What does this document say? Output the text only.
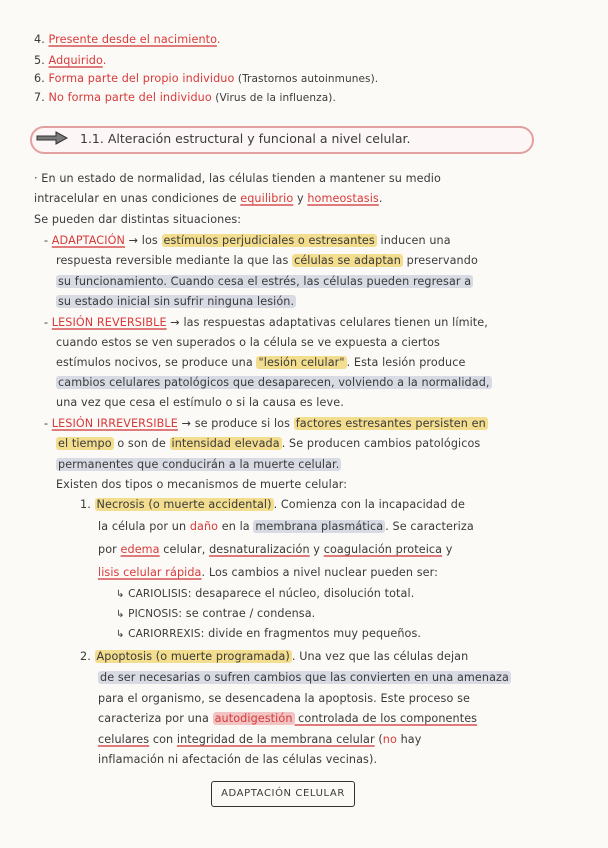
4. Presente desde el nacimiento.
5. Adquirido.
6. Forma parte del propio individuo (Trastornos autoinmunes).
7. No forma parte del individuo (Virus de la influenza).
1.1. Alteración estructural y funcional a nivel celular.
· En un estado de normalidad, las células tienden a mantener su medio
intracelular en unas condiciones de equilibrio y homeostasis.
Se pueden dar distintas situaciones:
- ADAPTACIÓN → los estímulos perjudiciales o estresantes inducen una
respuesta reversible mediante la que las células se adaptan preservando
su funcionamiento. Cuando cesa el estrés, las células pueden regresar a
su estado inicial sin sufrir ninguna lesión.
- LESIÓN REVERSIBLE → las respuestas adaptativas celulares tienen un límite,
cuando estos se ven superados o la célula se ve expuesta a ciertos
estímulos nocivos, se produce una "lesión celular" . Esta lesión produce
cambios celulares patológicos que desaparecen, volviendo a la normalidad,
una vez que cesa el estímulo o si la causa es leve.
- LESIÓN IRREVERSIBLE → se produce si los factores estresantes persisten en
el tiempo o son de intensidad elevada . Se producen cambios patológicos
permanentes que conducirán a la muerte celular.
Existen dos tipos o mecanismos de muerte celular:
1. Necrosis (o muerte accidental) . Comienza con la incapacidad de
la célula por un daño en la membrana plasmática . Se caracteriza
por edema celular, desnaturalización y coagulación proteica y
lisis celular rápida. Los cambios a nivel nuclear pueden ser:
↳ CARIOLISIS: desaparece el núcleo, disolución total.
↳ PICNOSIS: se contrae / condensa.
↳ CARIORREXIS: divide en fragmentos muy pequeños.
2. Apoptosis (o muerte programada) . Una vez que las células dejan
de ser necesarias o sufren cambios que las convierten en una amenaza
para el organismo, se desencadena la apoptosis. Este proceso se
caracteriza por una autodigestión controlada de los componentes
celulares con integridad de la membrana celular (no hay
inflamación ni afectación de las células vecinas).
ADAPTACIÓN CELULAR
